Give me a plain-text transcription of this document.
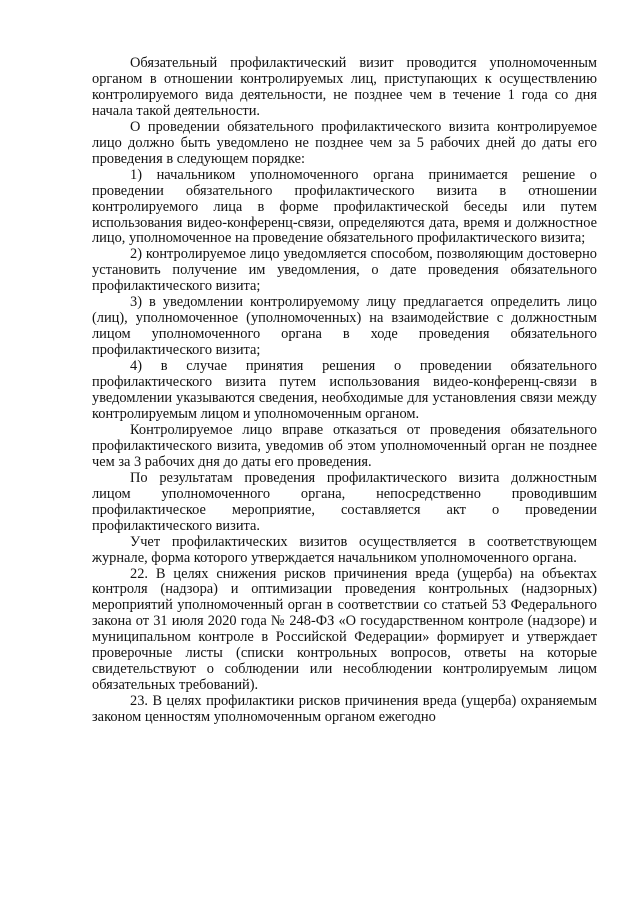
Обязательный профилактический визит проводится уполномоченным органом в отношении контролируемых лиц, приступающих к осуществлению контролируемого вида деятельности, не позднее чем в течение 1 года со дня начала такой деятельности.

О проведении обязательного профилактического визита контролируемое лицо должно быть уведомлено не позднее чем за 5 рабочих дней до даты его проведения в следующем порядке:

1) начальником уполномоченного органа принимается решение о проведении обязательного профилактического визита в отношении контролируемого лица в форме профилактической беседы или путем использования видео-конференц-связи, определяются дата, время и должностное лицо, уполномоченное на проведение обязательного профилактического визита;

2) контролируемое лицо уведомляется способом, позволяющим достоверно установить получение им уведомления, о дате проведения обязательного профилактического визита;

3) в уведомлении контролируемому лицу предлагается определить лицо (лиц), уполномоченное (уполномоченных) на взаимодействие с должностным лицом уполномоченного органа в ходе проведения обязательного профилактического визита;

4) в случае принятия решения о проведении обязательного профилактического визита путем использования видео-конференц-связи в уведомлении указываются сведения, необходимые для установления связи между контролируемым лицом и уполномоченным органом.

Контролируемое лицо вправе отказаться от проведения обязательного профилактического визита, уведомив об этом уполномоченный орган не позднее чем за 3 рабочих дня до даты его проведения.

По результатам проведения профилактического визита должностным лицом уполномоченного органа, непосредственно проводившим профилактическое мероприятие, составляется акт о проведении профилактического визита.

Учет профилактических визитов осуществляется в соответствующем журнале, форма которого утверждается начальником уполномоченного органа.

22. В целях снижения рисков причинения вреда (ущерба) на объектах контроля (надзора) и оптимизации проведения контрольных (надзорных) мероприятий уполномоченный орган в соответствии со статьей 53 Федерального закона от 31 июля 2020 года № 248-ФЗ «О государственном контроле (надзоре) и муниципальном контроле в Российской Федерации» формирует и утверждает проверочные листы (списки контрольных вопросов, ответы на которые свидетельствуют о соблюдении или несоблюдении контролируемым лицом обязательных требований).

23. В целях профилактики рисков причинения вреда (ущерба) охраняемым законом ценностям уполномоченным органом ежегодно
